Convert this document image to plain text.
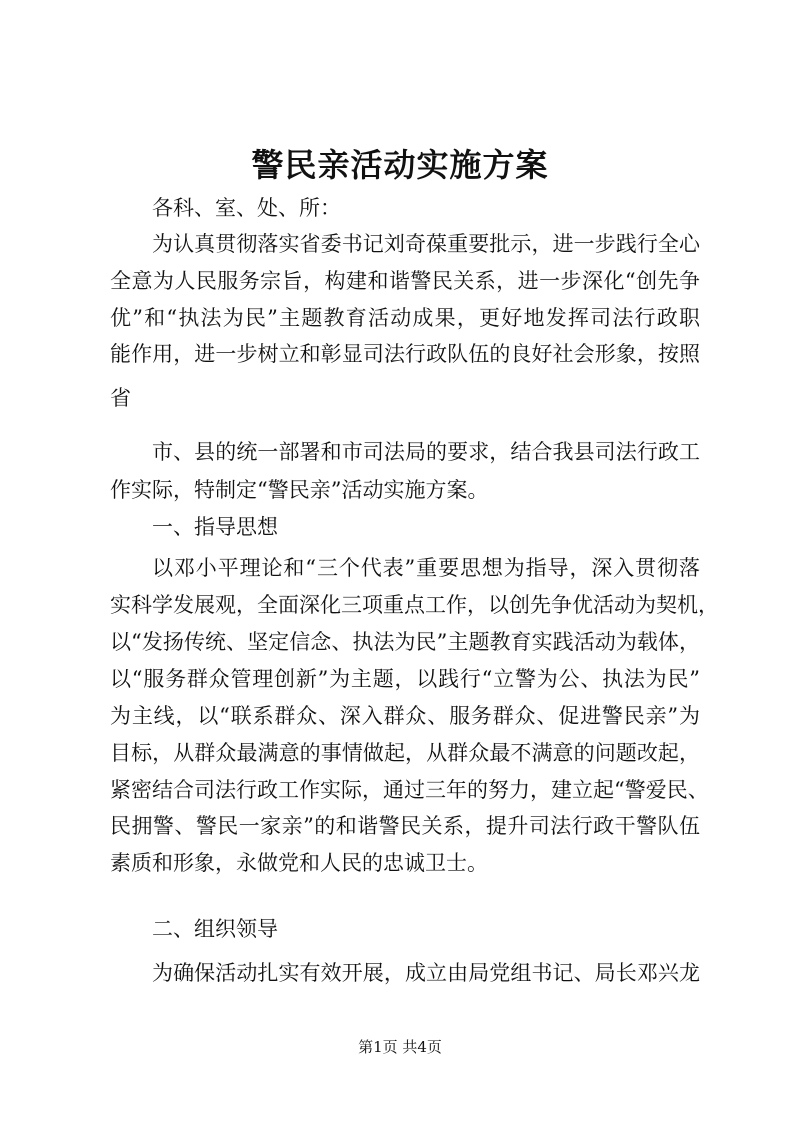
警民亲活动实施方案

各科、室、处、所：

为认真贯彻落实省委书记刘奇葆重要批示，进一步践行全心

全意为人民服务宗旨，构建和谐警民关系，进一步深化“创先争

优”和“执法为民”主题教育活动成果，更好地发挥司法行政职

能作用，进一步树立和彰显司法行政队伍的良好社会形象，按照

省

市、县的统一部署和市司法局的要求，结合我县司法行政工

作实际，特制定“警民亲”活动实施方案。

一、指导思想

以邓小平理论和“三个代表”重要思想为指导，深入贯彻落

实科学发展观，全面深化三项重点工作，以创先争优活动为契机，

以“发扬传统、坚定信念、执法为民”主题教育实践活动为载体，

以“服务群众管理创新”为主题，以践行“立警为公、执法为民”

为主线，以“联系群众、深入群众、服务群众、促进警民亲”为

目标，从群众最满意的事情做起，从群众最不满意的问题改起，

紧密结合司法行政工作实际，通过三年的努力，建立起“警爱民、

民拥警、警民一家亲”的和谐警民关系，提升司法行政干警队伍

素质和形象，永做党和人民的忠诚卫士。

二、组织领导

为确保活动扎实有效开展，成立由局党组书记、局长邓兴龙

第1页 共4页
